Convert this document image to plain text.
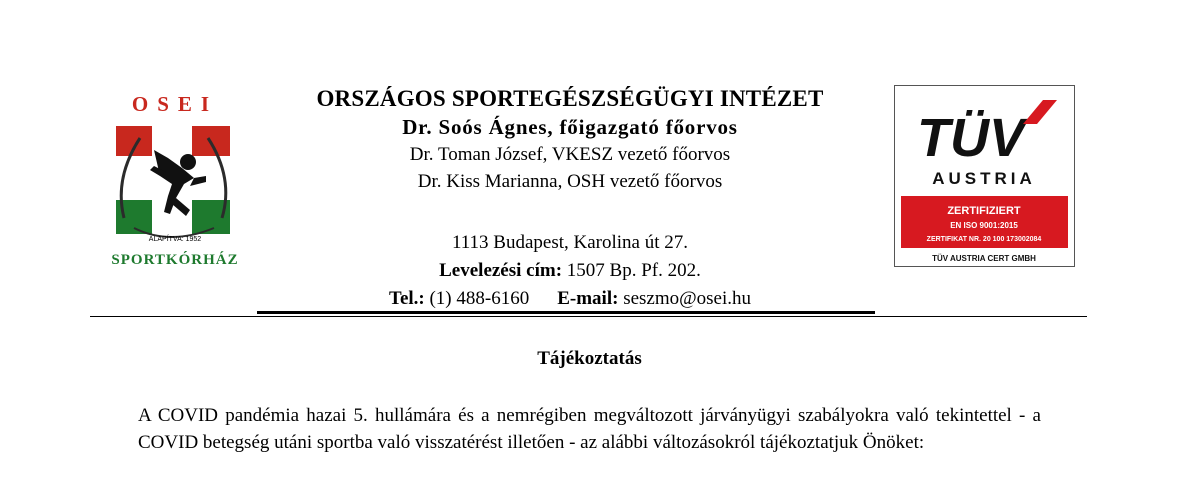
OSEI
ALAPÍTVA: 1952
SPORTKÓRHÁZ
ORSZÁGOS SPORTEGÉSZSÉGÜGYI INTÉZET
Dr. Soós Ágnes, főigazgató főorvos
Dr. Toman József, VKESZ vezető főorvos
Dr. Kiss Marianna, OSH vezető főorvos
1113 Budapest, Karolina út 27.
Levelezési cím: 1507 Bp. Pf. 202.
Tel.: (1) 488-6160 E-mail: seszmo@osei.hu
TÜV
AUSTRIA
ZERTIFIZIERT
EN ISO 9001:2015
ZERTIFIKAT NR. 20 100 173002084
TÜV AUSTRIA CERT GMBH
Tájékoztatás
A COVID pandémia hazai 5. hullámára és a nemrégiben megváltozott járványügyi szabályokra való tekintettel - a COVID betegség utáni sportba való visszatérést illetően - az alábbi változásokról tájékoztatjuk Önöket:
